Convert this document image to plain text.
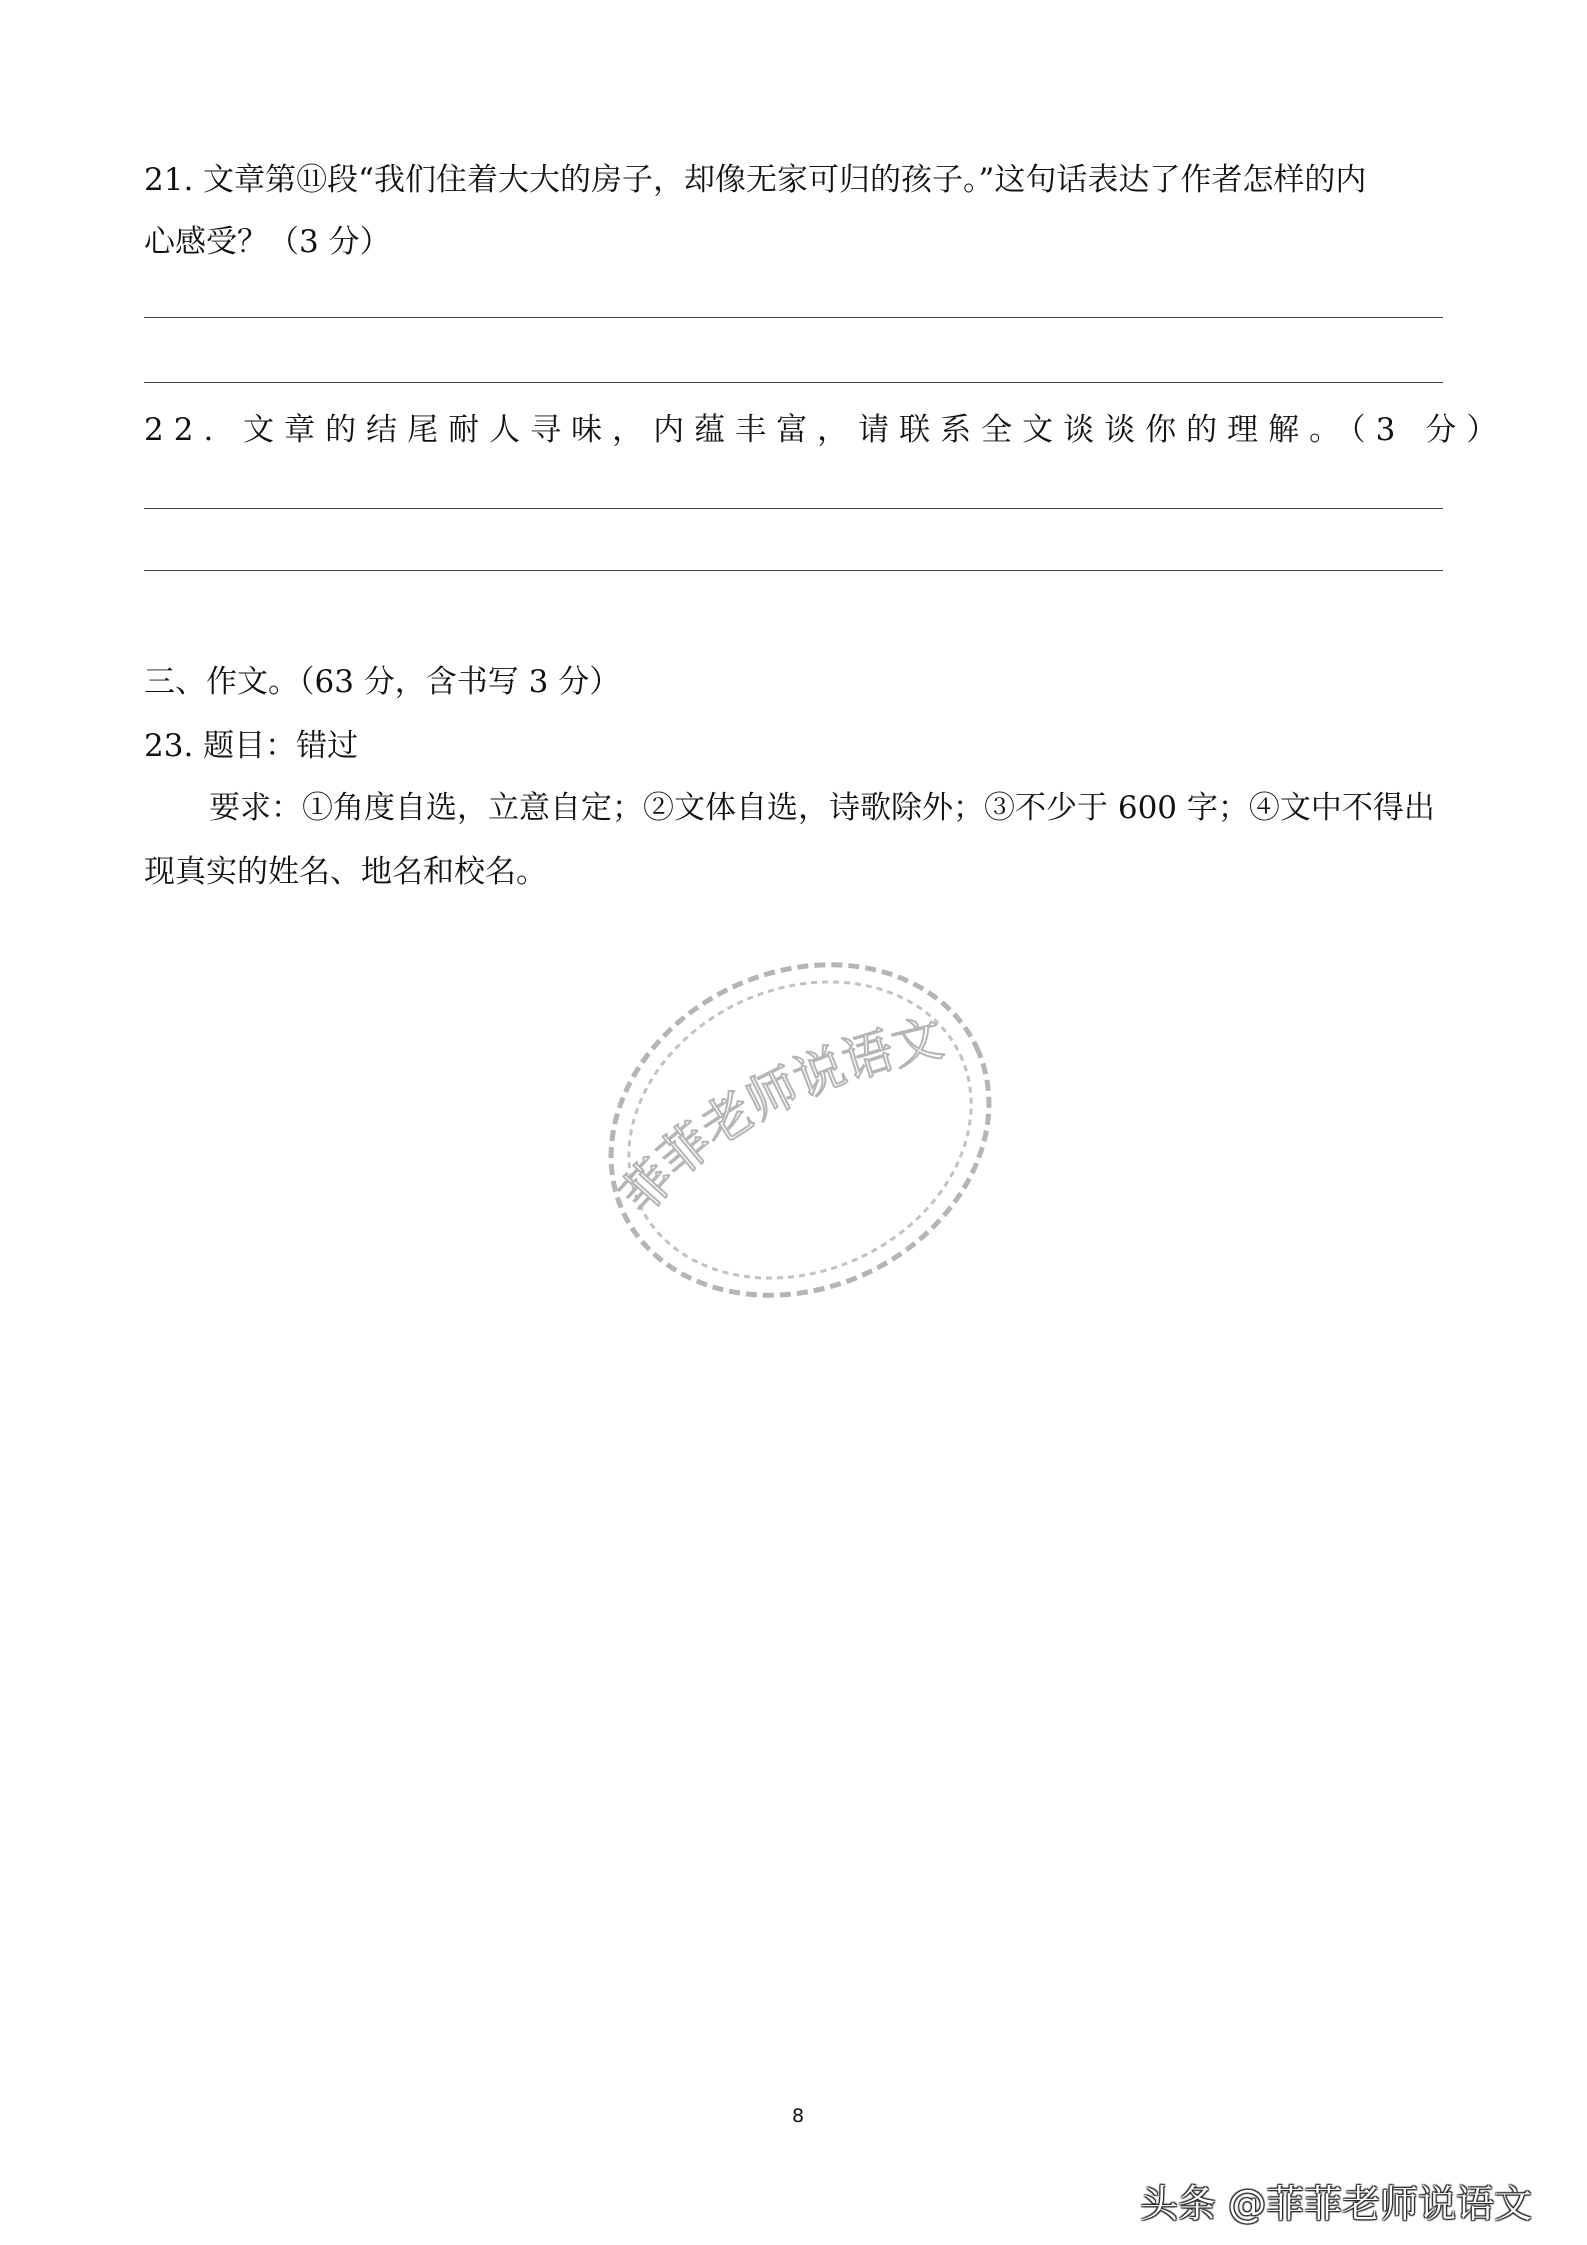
21. 文章第⑪段“我们住着大大的房子，却像无家可归的孩子。”这句话表达了作者怎样的内

心感受？（3 分）

22. 文章的结尾耐人寻味，内蕴丰富，请联系全文谈谈你的理解。（3 分）

三、作文。（63 分，含书写 3 分）

23. 题目：错过

要求：①角度自选，立意自定；②文体自选，诗歌除外；③不少于 600 字；④文中不得出

现真实的姓名、地名和校名。

菲菲老师说语文
8
头条 @菲菲老师说语文
